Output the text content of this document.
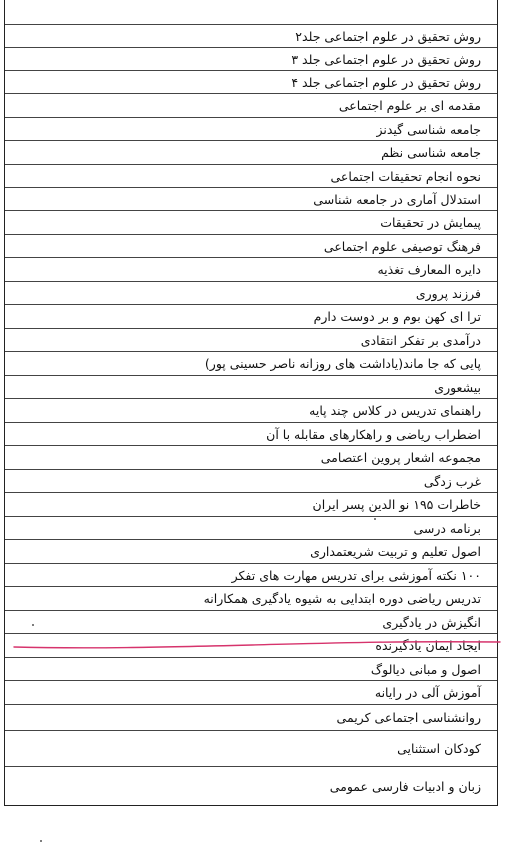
روش تحقیق در علوم اجتماعی جلد۲
روش تحقیق در علوم اجتماعی جلد ۳
روش تحقیق در علوم اجتماعی جلد ۴
مقدمه ای بر علوم اجتماعی
جامعه شناسی گیدنز
جامعه شناسی نظم
نحوه انجام تحقیقات اجتماعی
استدلال آماری در جامعه شناسی
پیمایش در تحقیقات
فرهنگ توصیفی علوم اجتماعی
دایره المعارف تغذیه
فرزند پروری
ترا ای کهن بوم و بر دوست دارم
درآمدی بر تفکر انتقادی
پایی که جا ماند(یاداشت های روزانه ناصر حسینی پور)
بیشعوری
راهنمای تدریس در کلاس چند پایه
اضطراب ریاضی و راهکارهای مقابله با آن
مجموعه اشعار پروین اعتصامی
غرب زدگی
خاطرات ۱۹۵ نو الدین پسر ایران
برنامه درسی
اصول تعلیم و تربیت شریعتمداری
۱۰۰ نکته آموزشی برای تدریس مهارت های تفکر
تدریس ریاضی دوره ابتدایی به شیوه یادگیری همکارانه
انگیزش در یادگیری
ایجاد ایمان یادگیرنده
اصول و مبانی دیالوگ
آموزش آلی در رایانه
روانشناسی اجتماعی کریمی
کودکان استثنایی
زبان و ادبیات فارسی عمومی
